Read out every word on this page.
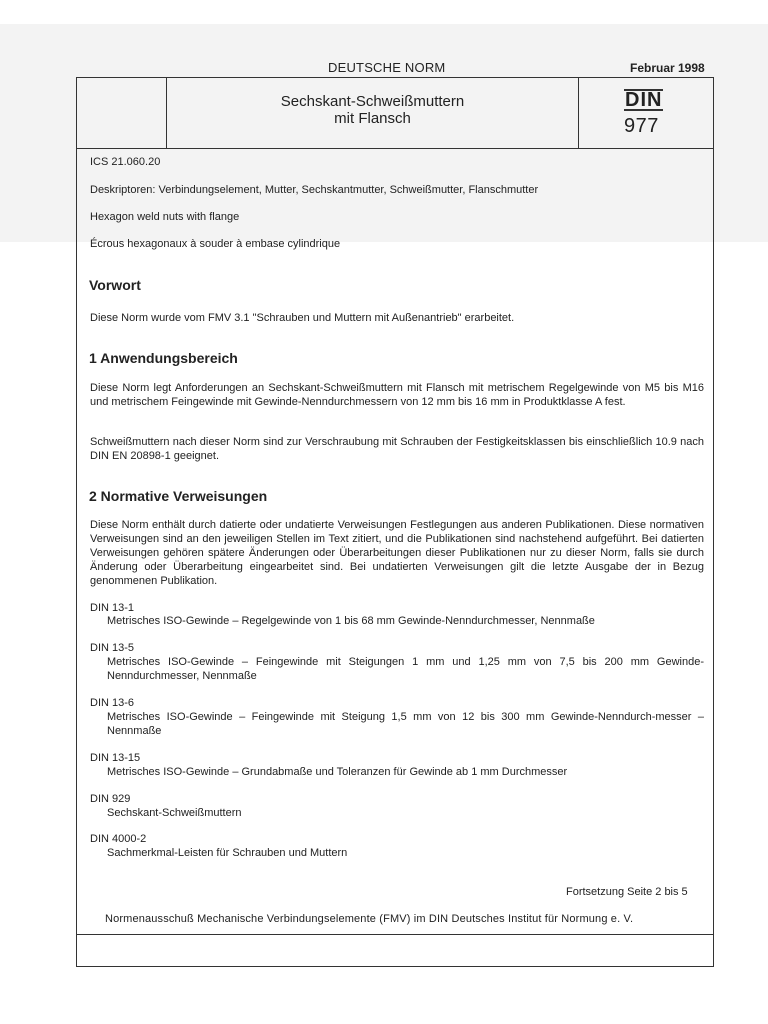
DEUTSCHE NORM	Februar 1998
Sechskant-Schweißmuttern
mit Flansch
DIN
977
ICS 21.060.20
Deskriptoren: Verbindungselement, Mutter, Sechskantmutter, Schweißmutter, Flanschmutter
Hexagon weld nuts with flange
Écrous hexagonaux à souder à embase cylindrique
Vorwort
Diese Norm wurde vom FMV 3.1 "Schrauben und Muttern mit Außenantrieb" erarbeitet.
1 Anwendungsbereich
Diese Norm legt Anforderungen an Sechskant-Schweißmuttern mit Flansch mit metrischem Regelgewinde von M5 bis M16 und metrischem Feingewinde mit Gewinde-Nenndurchmessern von 12 mm bis 16 mm in Produktklasse A fest.
Schweißmuttern nach dieser Norm sind zur Verschraubung mit Schrauben der Festigkeitsklassen bis einschließlich 10.9 nach DIN EN 20898-1 geeignet.
2 Normative Verweisungen
Diese Norm enthält durch datierte oder undatierte Verweisungen Festlegungen aus anderen Publikationen. Diese normativen Verweisungen sind an den jeweiligen Stellen im Text zitiert, und die Publikationen sind nachstehend aufgeführt. Bei datierten Verweisungen gehören spätere Änderungen oder Überarbeitungen dieser Publikationen nur zu dieser Norm, falls sie durch Änderung oder Überarbeitung eingearbeitet sind. Bei undatierten Verweisungen gilt die letzte Ausgabe der in Bezug genommenen Publikation.
DIN 13-1
Metrisches ISO-Gewinde – Regelgewinde von 1 bis 68 mm Gewinde-Nenndurchmesser, Nennmaße
DIN 13-5
Metrisches ISO-Gewinde – Feingewinde mit Steigungen 1 mm und 1,25 mm von 7,5 bis 200 mm Gewinde-Nenndurchmesser, Nennmaße
DIN 13-6
Metrisches ISO-Gewinde – Feingewinde mit Steigung 1,5 mm von 12 bis 300 mm Gewinde-Nenndurch-messer – Nennmaße
DIN 13-15
Metrisches ISO-Gewinde – Grundabmaße und Toleranzen für Gewinde ab 1 mm Durchmesser
DIN 929
Sechskant-Schweißmuttern
DIN 4000-2
Sachmerkmal-Leisten für Schrauben und Muttern
Fortsetzung Seite 2 bis 5
Normenausschuß Mechanische Verbindungselemente (FMV) im DIN Deutsches Institut für Normung e. V.
